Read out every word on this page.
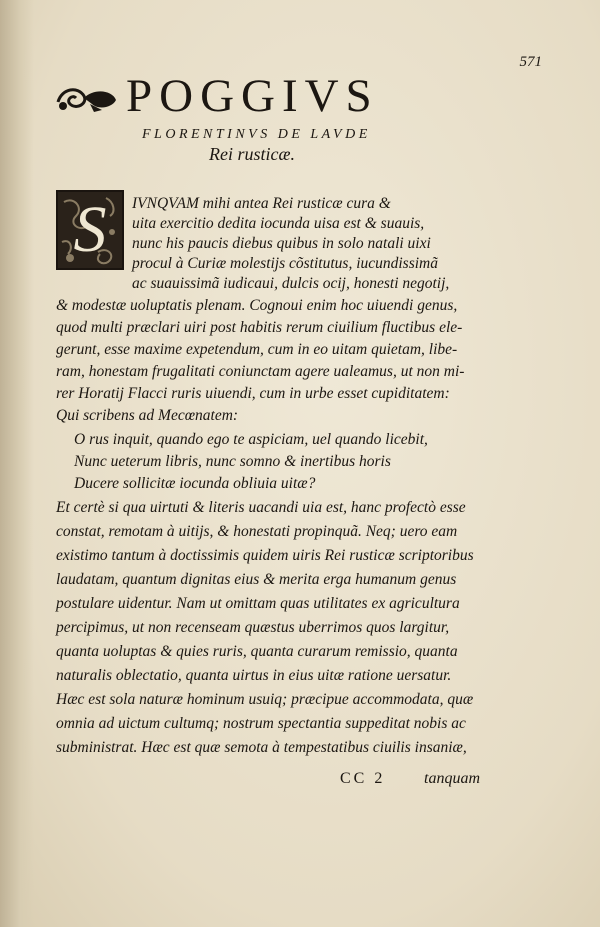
571
POGGIVS
FLORENTINVS DE LAVDE
Rei rusticæ.
S	IVNQVAM mihi antea Rei rusticæ cura &
uita exercitio dedita iocunda uisa est & suauis,
nunc his paucis diebus quibus in solo natali uixi
procul à Curiæ molestijs cõstitutus, iucundissimã
ac suauissimã iudicaui, dulcis ocij, honesti negotij,
& modestæ uoluptatis plenam. Cognoui enim hoc uiuendi genus,
quod multi præclari uiri post habitis rerum ciuilium fluctibus ele-
gerunt, esse maxime expetendum, cum in eo uitam quietam, libe-
ram, honestam frugalitati coniunctam agere ualeamus, ut non mi-
rer Horatij Flacci ruris uiuendi, cum in urbe esset cupiditatem:
Qui scribens ad Mecœnatem:
O rus inquit, quando ego te aspiciam, uel quando licebit,
Nunc ueterum libris, nunc somno & inertibus horis
Ducere sollicitæ iocunda obliuia uitæ?
Et certè si qua uirtuti & literis uacandi uia est, hanc profectò esse
constat, remotam à uitijs, & honestati propinquã. Neq; uero eam
existimo tantum à doctissimis quidem uiris Rei rusticæ scriptoribus
laudatam, quantum dignitas eius & merita erga humanum genus
postulare uidentur. Nam ut omittam quas utilitates ex agricultura
percipimus, ut non recenseam quæstus uberrimos quos largitur,
quanta uoluptas & quies ruris, quanta curarum remissio, quanta
naturalis oblectatio, quanta uirtus in eius uitæ ratione uersatur.
Hæc est sola naturæ hominum usuiq; præcipue accommodata, quæ
omnia ad uictum cultumq; nostrum spectantia suppeditat nobis ac
subministrat. Hæc est quæ semota à tempestatibus ciuilis insaniæ,
CC 2 tanquam
